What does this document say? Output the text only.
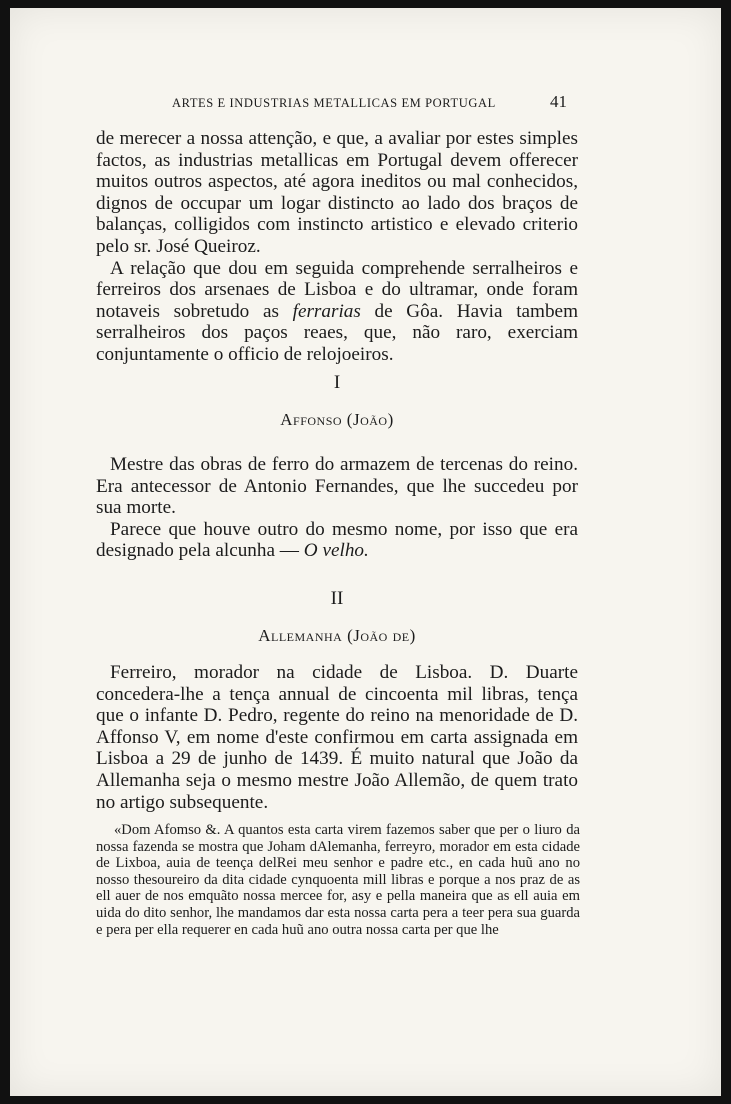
ARTES E INDUSTRIAS METALLICAS EM PORTUGAL	41

de merecer a nossa attenção, e que, a avaliar por estes simples factos, as industrias metallicas em Portugal devem offerecer muitos outros aspectos, até agora ineditos ou mal conhecidos, dignos de occupar um logar distincto ao lado dos braços de balanças, colligidos com instincto artistico e elevado criterio pelo sr. José Queiroz.

A relação que dou em seguida comprehende serralheiros e ferreiros dos arsenaes de Lisboa e do ultramar, onde foram notaveis sobretudo as ferrarias de Gôa. Havia tambem serralheiros dos paços reaes, que, não raro, exerciam conjuntamente o officio de relojoeiros.

I
Affonso (João)

Mestre das obras de ferro do armazem de tercenas do reino. Era antecessor de Antonio Fernandes, que lhe succedeu por sua morte.

Parece que houve outro do mesmo nome, por isso que era designado pela alcunha — O velho.

II
Allemanha (João de)

Ferreiro, morador na cidade de Lisboa. D. Duarte concedera-lhe a tença annual de cincoenta mil libras, tença que o infante D. Pedro, regente do reino na menoridade de D. Affonso V, em nome d'este confirmou em carta assignada em Lisboa a 29 de junho de 1439. É muito natural que João da Allemanha seja o mesmo mestre João Allemão, de quem trato no artigo subsequente.

«Dom Afomso &. A quantos esta carta virem fazemos saber que per o liuro da nossa fazenda se mostra que Joham dAlemanha, ferreyro, morador em esta cidade de Lixboa, auia de teença delRei meu senhor e padre etc., en cada huũ ano no nosso thesoureiro da dita cidade cynquoenta mill libras e porque a nos praz de as ell auer de nos emquãto nossa mercee for, asy e pella maneira que as ell auia em uida do dito senhor, lhe mandamos dar esta nossa carta pera a teer pera sua guarda e pera per ella requerer en cada huũ ano outra nossa carta per que lhe
